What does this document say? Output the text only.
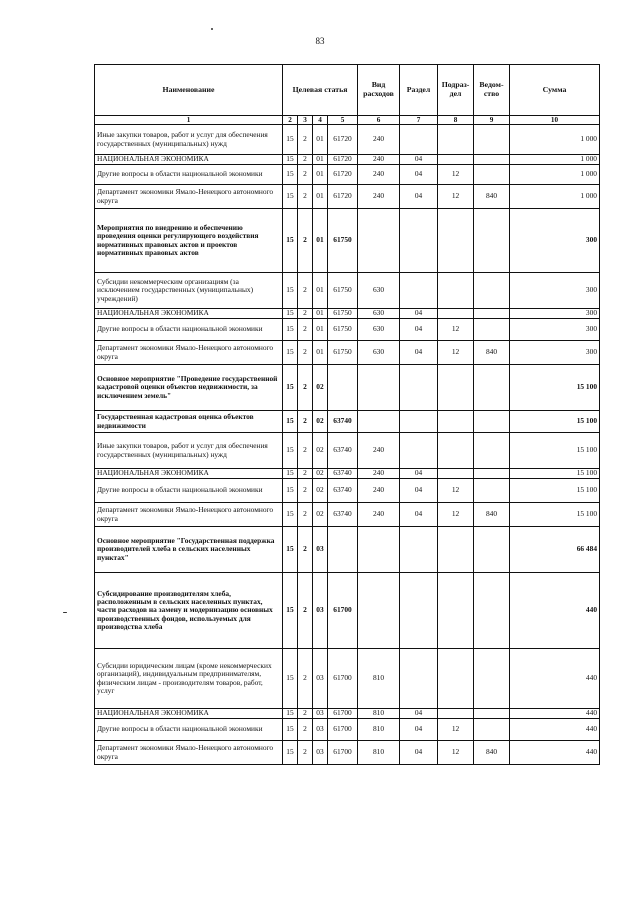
83
Наименование	Целевая статья				Вид расходов	Раздел	Подраз-дел	Ведом-ство	Сумма
1	2	3	4	5	6	7	8	9	10
Иные закупки товаров, работ и услуг для обеспечения государственных (муниципальных) нужд	15	2	01	61720	240				1 000
НАЦИОНАЛЬНАЯ ЭКОНОМИКА	15	2	01	61720	240	04			1 000
Другие вопросы в области национальной экономики	15	2	01	61720	240	04	12		1 000
Департамент экономики Ямало-Ненецкого автономного округа	15	2	01	61720	240	04	12	840	1 000
Мероприятия по внедрению и обеспечению проведения оценки регулирующего воздействия нормативных правовых актов и проектов нормативных правовых актов	15	2	01	61750					300
Субсидии некоммерческим организациям (за исключением государственных (муниципальных) учреждений)	15	2	01	61750	630				300
НАЦИОНАЛЬНАЯ ЭКОНОМИКА	15	2	01	61750	630	04			300
Другие вопросы в области национальной экономики	15	2	01	61750	630	04	12		300
Департамент экономики Ямало-Ненецкого автономного округа	15	2	01	61750	630	04	12	840	300
Основное мероприятие "Проведение государственной кадастровой оценки объектов недвижимости, за исключением земель"	15	2	02						15 100
Государственная кадастровая оценка объектов недвижимости	15	2	02	63740					15 100
Иные закупки товаров, работ и услуг для обеспечения государственных (муниципальных) нужд	15	2	02	63740	240				15 100
НАЦИОНАЛЬНАЯ ЭКОНОМИКА	15	2	02	63740	240	04			15 100
Другие вопросы в области национальной экономики	15	2	02	63740	240	04	12		15 100
Департамент экономики Ямало-Ненецкого автономного округа	15	2	02	63740	240	04	12	840	15 100
Основное мероприятие "Государственная поддержка производителей хлеба в сельских населенных пунктах"	15	2	03						66 484
Субсидирование производителям хлеба, расположенным в сельских населенных пунктах, части расходов на замену и модернизацию основных производственных фондов, используемых для производства хлеба	15	2	03	61700					440
Субсидии юридическим лицам (кроме некоммерческих организаций), индивидуальным предпринимателям, физическим лицам - производителям товаров, работ, услуг	15	2	03	61700	810				440
НАЦИОНАЛЬНАЯ ЭКОНОМИКА	15	2	03	61700	810	04			440
Другие вопросы в области национальной экономики	15	2	03	61700	810	04	12		440
Департамент экономики Ямало-Ненецкого автономного округа	15	2	03	61700	810	04	12	840	440
